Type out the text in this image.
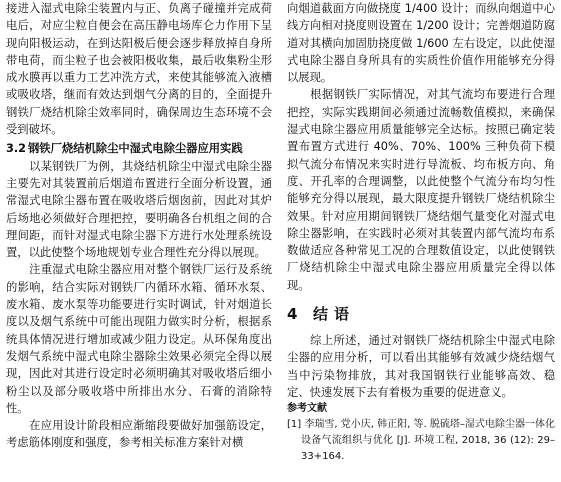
接进入湿式电除尘装置内与正、负离子碰撞并完成荷电后，对应尘粒自便会在高压静电场库仑力作用下呈现向阳极运动，在到达阳极后便会逐步释放掉自身所带电荷，而尘粒子也会被阳极收集，最后收集粉尘形成水膜再以重力工艺冲洗方式，来使其能够流入液槽或吸收塔，继而有效达到烟气分离的目的，全面提升钢铁厂烧结机除尘效率同时，确保周边生态环境不会受到破坏。

3.2 钢铁厂烧结机除尘中湿式电除尘器应用实践

以某钢铁厂为例，其烧结机除尘中湿式电除尘器主要先对其装置前后烟道布置进行全面分析设置，通常湿式电除尘器布置在吸收塔后烟囱前，因此对其炉后场地必须做好合理把控，要明确各台机组之间的合理间距，而针对湿式电除尘器下方进行水处理系统设置，以此使整个场地规划专业合理性充分得以展现。

注重湿式电除尘器应用对整个钢铁厂运行及系统的影响，结合实际对钢铁厂内循环水箱、循环水泵、废水箱、废水泵等功能要进行实时调试，针对烟道长度以及烟气系统中可能出现阻力做实时分析，根据系统具体情况进行增加或减少阻力设定。从环保角度出发烟气系统中湿式电除尘器除尘效果必须完全得以展现，因此对其进行设定时必须明确其对吸收塔后细小粉尘以及部分吸收塔中所排出水分、石膏的消除特性。

在应用设计阶段相应渐缩段要做好加强筋设定，考虑筋体刚度和强度，参考相关标准方案针对横

向烟道截面方向做挠度 1/400 设计；而纵向烟道中心线方向相对挠度则设置在 1/200 设计；完善烟道防腐道对其横向加固肋挠度做 1/600 左右设定，以此使湿式电除尘器自身所具有的实质性价值作用能够充分得以展现。

根据钢铁厂实际情况，对其气流均布要进行合理把控，实际实践期间必须通过流畅数值模拟，来确保湿式电除尘器应用质量能够完全达标。按照已确定装置布置方式进行 40%、70%、100% 三种负荷下模拟气流分布情况来实时进行导流板、均布板方向、角度、开孔率的合理调整，以此使整个气流分布均匀性能够充分得以展现，最大限度提升钢铁厂烧结机除尘效果。针对应用期间钢铁厂烧结烟气量变化对湿式电除尘器影响，在实践时必须对其装置内部气流均布系数做适应各种常见工况的合理数值设定，以此使钢铁厂烧结机除尘中湿式电除尘器应用质量完全得以体现。

4 结语

综上所述，通过对钢铁厂烧结机除尘中湿式电除尘器的应用分析，可以看出其能够有效减少烧结烟气当中污染物排放，其对我国钢铁行业能够高效、稳定、快速发展下去有着极为重要的促进意义。

参考文献

[1] 李瑞雪, 党小庆, 韩正阳, 等. 脱硫塔–湿式电除尘器一体化设备气流组织与优化 [J]. 环境工程, 2018, 36 (12): 29–33+164.
